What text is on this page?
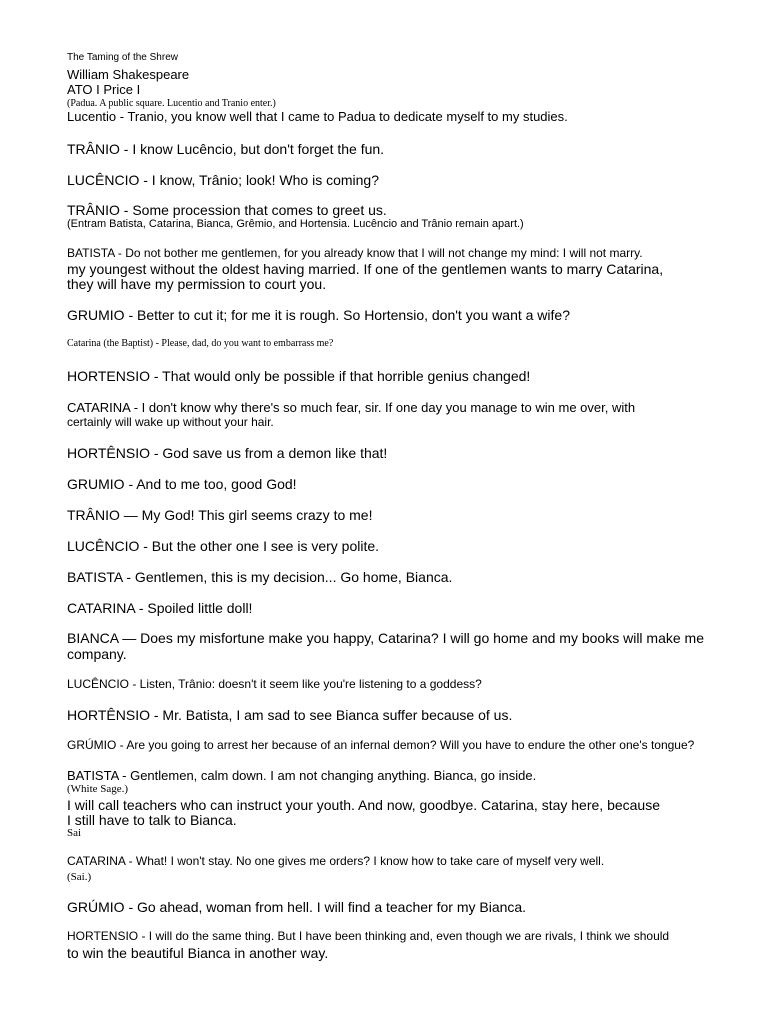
The Taming of the Shrew
William Shakespeare
ATO I Price I
(Padua. A public square. Lucentio and Tranio enter.)
Lucentio - Tranio, you know well that I came to Padua to dedicate myself to my studies.
TRÂNIO - I know Lucêncio, but don't forget the fun.
LUCÊNCIO - I know, Trânio; look! Who is coming?
TRÂNIO - Some procession that comes to greet us.
(Entram Batista, Catarina, Bianca, Grêmio, and Hortensia. Lucêncio and Trânio remain apart.)
BATISTA - Do not bother me gentlemen, for you already know that I will not change my mind: I will not marry.
my youngest without the oldest having married. If one of the gentlemen wants to marry Catarina,
they will have my permission to court you.
GRUMIO - Better to cut it; for me it is rough. So Hortensio, don't you want a wife?
Catarina (the Baptist) - Please, dad, do you want to embarrass me?
HORTENSIO - That would only be possible if that horrible genius changed!
CATARINA - I don't know why there's so much fear, sir. If one day you manage to win me over, with
certainly will wake up without your hair.
HORTÊNSIO - God save us from a demon like that!
GRUMIO - And to me too, good God!
TRÂNIO — My God! This girl seems crazy to me!
LUCÊNCIO - But the other one I see is very polite.
BATISTA - Gentlemen, this is my decision... Go home, Bianca.
CATARINA - Spoiled little doll!
BIANCA — Does my misfortune make you happy, Catarina? I will go home and my books will make me
company.
LUCÊNCIO - Listen, Trânio: doesn't it seem like you're listening to a goddess?
HORTÊNSIO - Mr. Batista, I am sad to see Bianca suffer because of us.
GRÚMIO - Are you going to arrest her because of an infernal demon? Will you have to endure the other one's tongue?
BATISTA - Gentlemen, calm down. I am not changing anything. Bianca, go inside.
(White Sage.)
I will call teachers who can instruct your youth. And now, goodbye. Catarina, stay here, because
I still have to talk to Bianca.
Sai
CATARINA - What! I won't stay. No one gives me orders? I know how to take care of myself very well.
(Sai.)
GRÚMIO - Go ahead, woman from hell. I will find a teacher for my Bianca.
HORTENSIO - I will do the same thing. But I have been thinking and, even though we are rivals, I think we should
to win the beautiful Bianca in another way.
